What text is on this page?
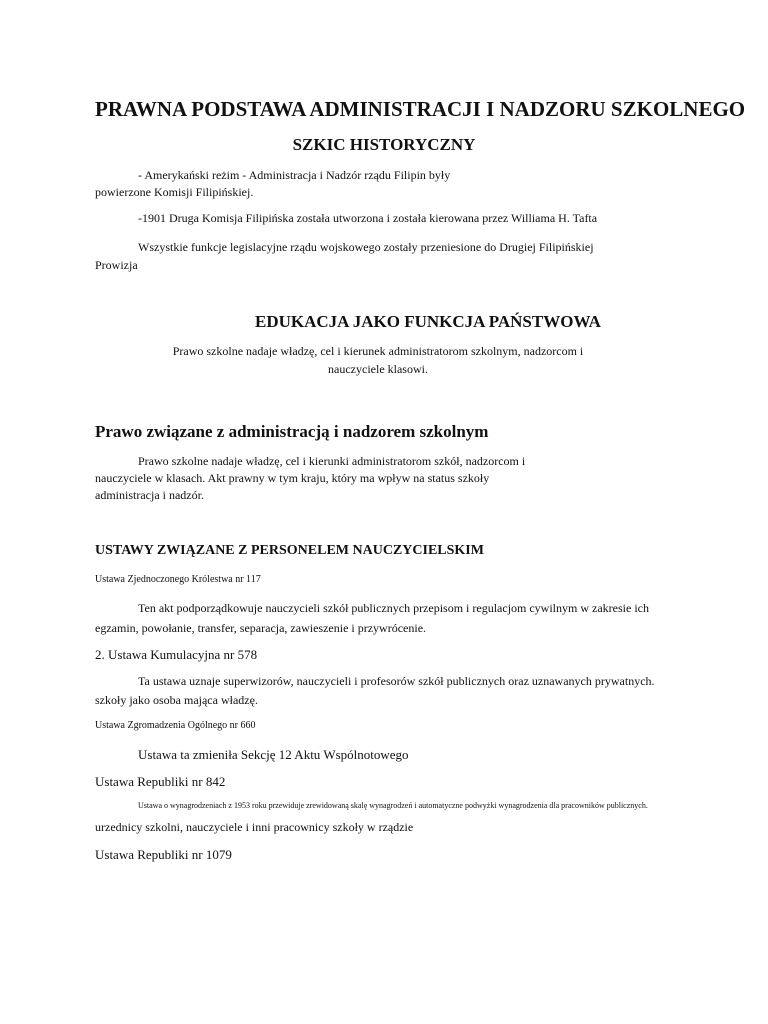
PRAWNA PODSTAWA ADMINISTRACJI I NADZORU SZKOLNEGO
SZKIC HISTORYCZNY

- Amerykański reżim - Administracja i Nadzór rządu Filipin były

powierzone Komisji Filipińskiej.

-1901 Druga Komisja Filipińska została utworzona i została kierowana przez Williama H. Tafta

Wszystkie funkcje legislacyjne rządu wojskowego zostały przeniesione do Drugiej Filipińskiej

Prowizja

EDUKACJA JAKO FUNKCJA PAŃSTWOWA

Prawo szkolne nadaje władzę, cel i kierunek administratorom szkolnym, nadzorcom i

nauczyciele klasowi.

Prawo związane z administracją i nadzorem szkolnym

Prawo szkolne nadaje władzę, cel i kierunki administratorom szkół, nadzorcom i

nauczyciele w klasach. Akt prawny w tym kraju, który ma wpływ na status szkoły

administracja i nadzór.

USTAWY ZWIĄZANE Z PERSONELEM NAUCZYCIELSKIM

Ustawa Zjednoczonego Królestwa nr 117

Ten akt podporządkowuje nauczycieli szkół publicznych przepisom i regulacjom cywilnym w zakresie ich

egzamin, powołanie, transfer, separacja, zawieszenie i przywrócenie.

2. Ustawa Kumulacyjna nr 578

Ta ustawa uznaje superwizorów, nauczycieli i profesorów szkół publicznych oraz uznawanych prywatnych.

szkoły jako osoba mająca władzę.

Ustawa Zgromadzenia Ogólnego nr 660

Ustawa ta zmieniła Sekcję 12 Aktu Wspólnotowego

Ustawa Republiki nr 842

Ustawa o wynagrodzeniach z 1953 roku przewiduje zrewidowaną skalę wynagrodzeń i automatyczne podwyżki wynagrodzenia dla pracowników publicznych.

urzednicy szkolni, nauczyciele i inni pracownicy szkoły w rządzie

Ustawa Republiki nr 1079
